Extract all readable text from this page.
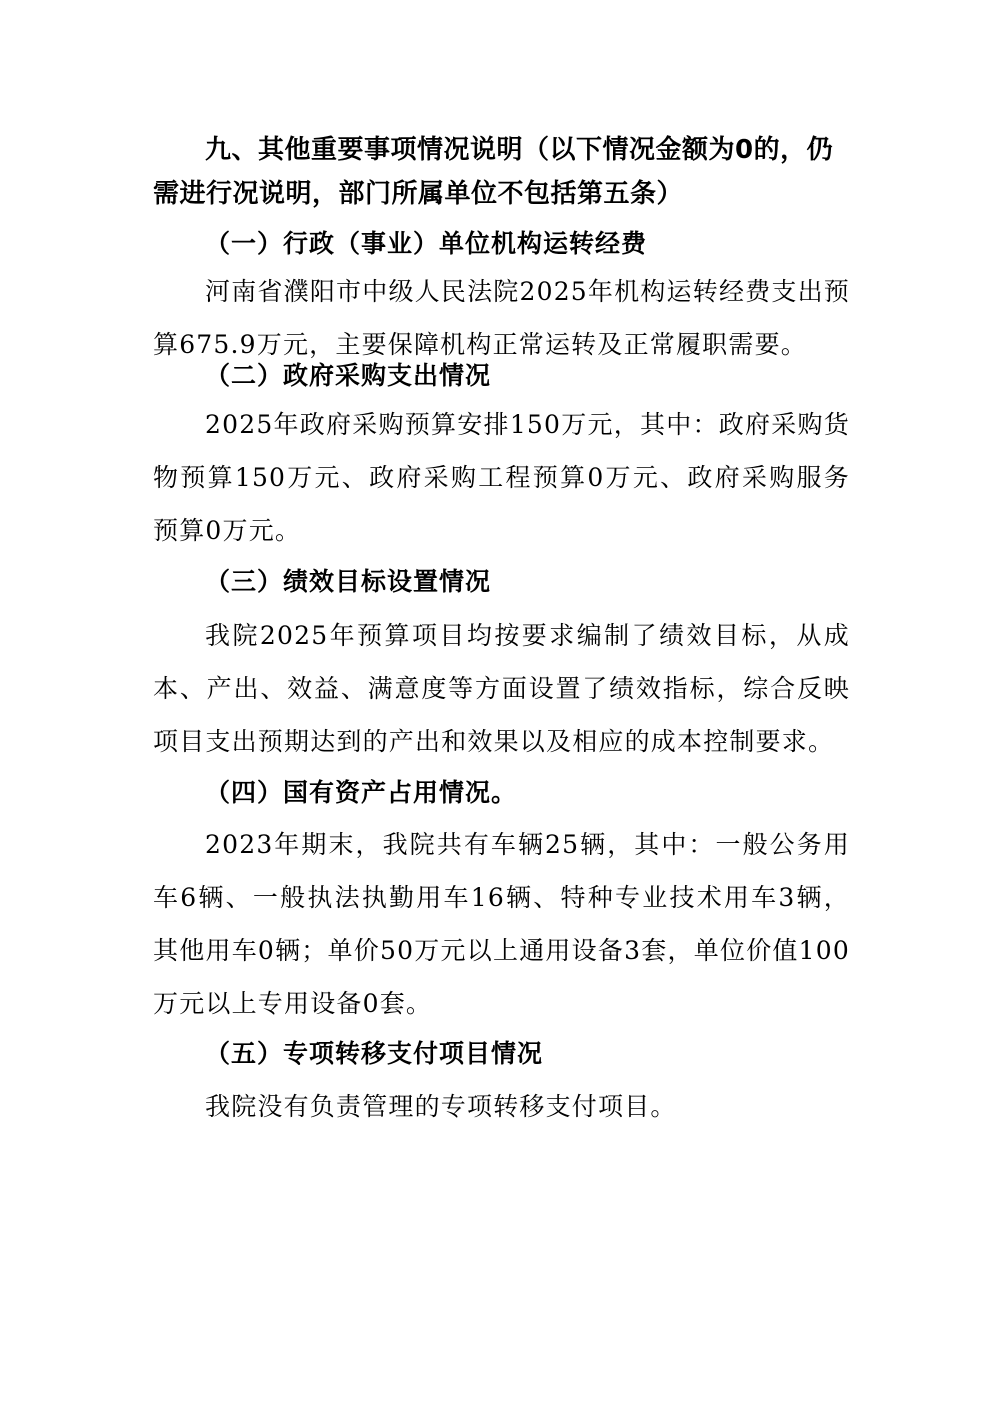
九、其他重要事项情况说明（以下情况金额为0的，仍需进行况说明，部门所属单位不包括第五条）

（一）行政（事业）单位机构运转经费

河南省濮阳市中级人民法院2025年机构运转经费支出预算675.9万元，主要保障机构正常运转及正常履职需要。

（二）政府采购支出情况

2025年政府采购预算安排150万元，其中：政府采购货物预算150万元、政府采购工程预算0万元、政府采购服务预算0万元。

（三）绩效目标设置情况

我院2025年预算项目均按要求编制了绩效目标，从成本、产出、效益、满意度等方面设置了绩效指标，综合反映项目支出预期达到的产出和效果以及相应的成本控制要求。

（四）国有资产占用情况。

2023年期末，我院共有车辆25辆，其中：一般公务用车6辆、一般执法执勤用车16辆、特种专业技术用车3辆，其他用车0辆；单价50万元以上通用设备3套，单位价值100万元以上专用设备0套。

（五）专项转移支付项目情况

我院没有负责管理的专项转移支付项目。
